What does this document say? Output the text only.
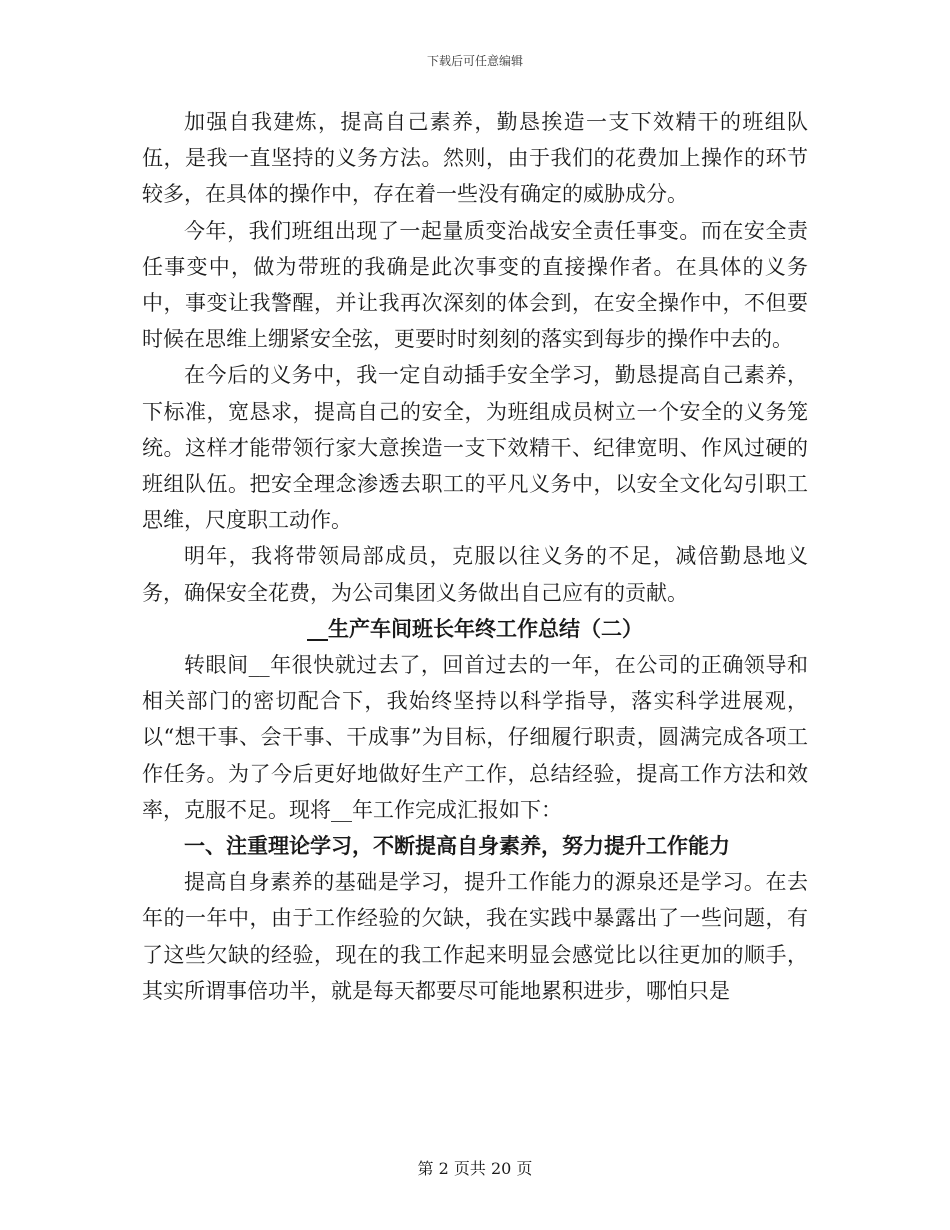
下载后可任意编辑

加强自我建炼，提高自己素养，勤恳挨造一支下效精干的班组队伍，是我一直坚持的义务方法。然则，由于我们的花费加上操作的环节较多，在具体的操作中，存在着一些没有确定的威胁成分。

今年，我们班组出现了一起量质变治战安全责任事变。而在安全责任事变中，做为带班的我确是此次事变的直接操作者。在具体的义务中，事变让我警醒，并让我再次深刻的体会到，在安全操作中，不但要时候在思维上绷紧安全弦，更要时时刻刻的落实到每步的操作中去的。

在今后的义务中，我一定自动插手安全学习，勤恳提高自己素养，下标准，宽恳求，提高自己的安全，为班组成员树立一个安全的义务笼统。这样才能带领行家大意挨造一支下效精干、纪律宽明、作风过硬的班组队伍。把安全理念渗透去职工的平凡义务中，以安全文化勾引职工思维，尺度职工动作。

明年，我将带领局部成员，克服以往义务的不足，减倍勤恳地义务，确保安全花费，为公司集团义务做出自己应有的贡献。

__生产车间班长年终工作总结（二）

转眼间__年很快就过去了，回首过去的一年，在公司的正确领导和相关部门的密切配合下，我始终坚持以科学指导，落实科学进展观，以“想干事、会干事、干成事”为目标，仔细履行职责，圆满完成各项工作任务。为了今后更好地做好生产工作，总结经验，提高工作方法和效率，克服不足。现将__年工作完成汇报如下：

一、注重理论学习，不断提高自身素养，努力提升工作能力

提高自身素养的基础是学习，提升工作能力的源泉还是学习。在去年的一年中，由于工作经验的欠缺，我在实践中暴露出了一些问题，有了这些欠缺的经验，现在的我工作起来明显会感觉比以往更加的顺手，其实所谓事倍功半，就是每天都要尽可能地累积进步，哪怕只是

第 2 页共 20 页
